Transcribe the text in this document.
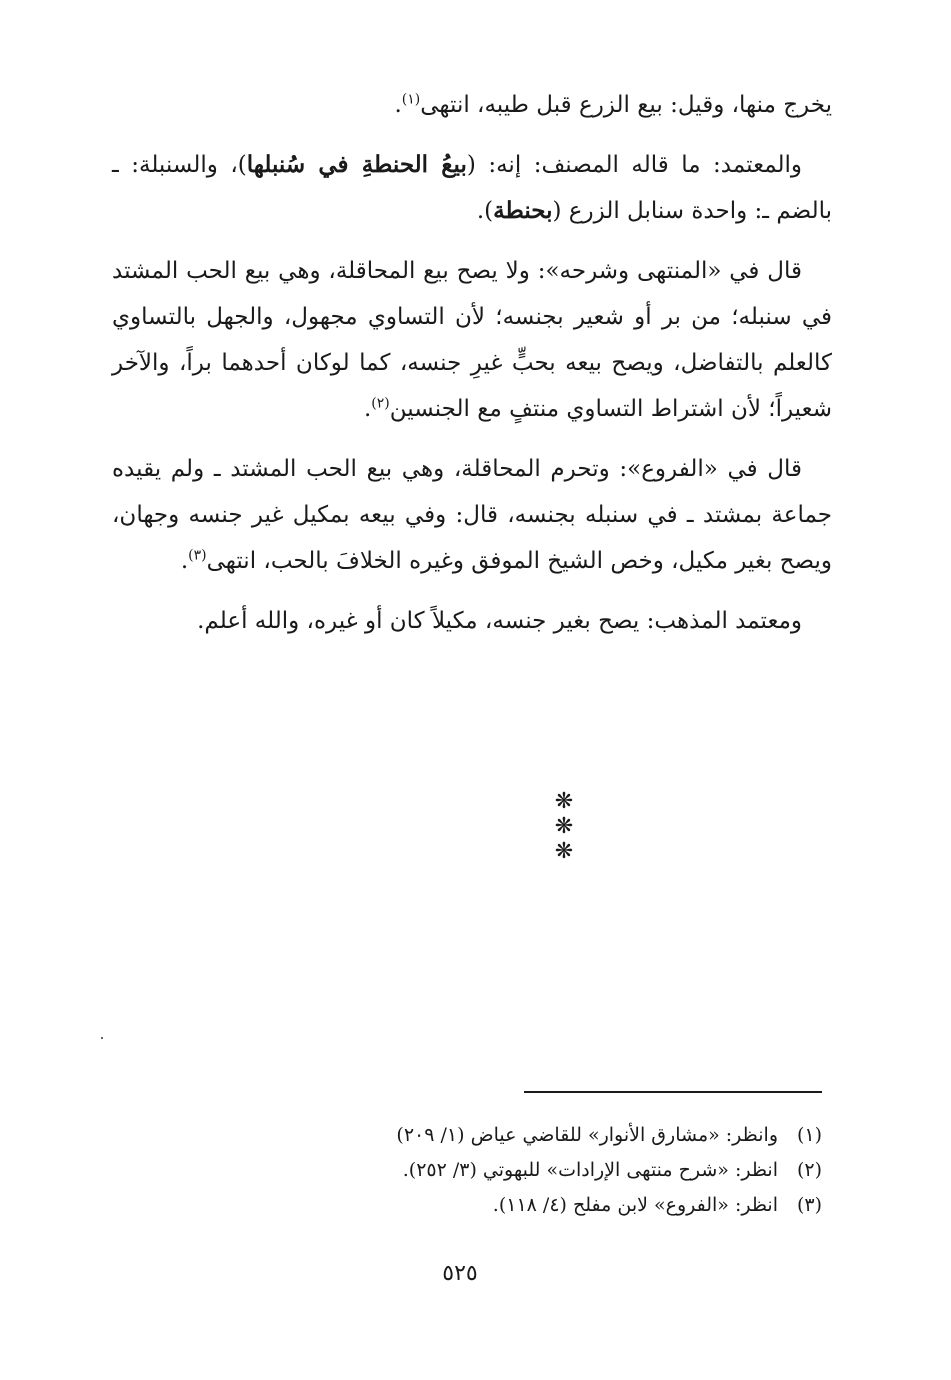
يخرج منها، وقيل: بيع الزرع قبل طيبه، انتهى$^{(١)}$.

والمعتمد: ما قاله المصنف: إنه: (بيعُ الحنطةِ في سُنبلها)، والسنبلة: ـ بالضم ـ: واحدة سنابل الزرع (بحنطة).

قال في «المنتهى وشرحه»: ولا يصح بيع المحاقلة، وهي بيع الحب المشتد في سنبله؛ من بر أو شعير بجنسه؛ لأن التساوي مجهول، والجهل بالتساوي كالعلم بالتفاضل، ويصح بيعه بحبٍّ غيرِ جنسه، كما لوكان أحدهما براً، والآخر شعيراً؛ لأن اشتراط التساوي منتفٍ مع الجنسين$^{(٢)}$.

قال في «الفروع»: وتحرم المحاقلة، وهي بيع الحب المشتد ـ ولم يقيده جماعة بمشتد ـ في سنبله بجنسه، قال: وفي بيعه بمكيل غير جنسه وجهان، ويصح بغير مكيل، وخص الشيخ الموفق وغيره الخلافَ بالحب، انتهى$^{(٣)}$.

ومعتمد المذهب: يصح بغير جنسه، مكيلاً كان أو غيره، والله أعلم.

❋ ❋ ❋
(١)وانظر: «مشارق الأنوار» للقاضي عياض (١/ ٢٠٩)
(٢)انظر: «شرح منتهى الإرادات» للبهوتي (٣/ ٢٥٢).
(٣)انظر: «الفروع» لابن مفلح (٤/ ١١٨).
٥٢٥
